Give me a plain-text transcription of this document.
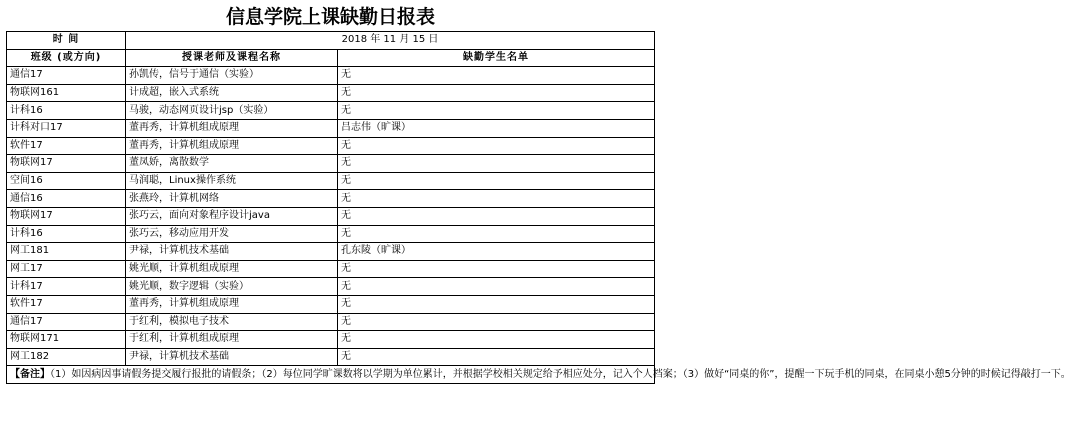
信息学院上课缺勤日报表
时 间	2018 年 11 月 15 日	
班级 (或方向)	授课老师及课程名称	缺勤学生名单
通信17	孙凯传，信号于通信（实验）	无
物联网161	计成超，嵌入式系统	无
计科16	马骏，动态网页设计jsp（实验）	无
计科对口17	董再秀，计算机组成原理	吕志伟（旷课）
软件17	董再秀，计算机组成原理	无
物联网17	董凤娇，离散数学	无
空间16	马润聪，Linux操作系统	无
通信16	张燕玲，计算机网络	无
物联网17	张巧云，面向对象程序设计java	无
计科16	张巧云，移动应用开发	无
网工181	尹禄，计算机技术基础	孔东陵（旷课）
网工17	姚光顺，计算机组成原理	无
计科17	姚光顺，数字逻辑（实验）	无
软件17	董再秀，计算机组成原理	无
通信17	于红利，模拟电子技术	无
物联网171	于红利，计算机组成原理	无
网工182	尹禄，计算机技术基础	无
【备注】（1）如因病因事请假务提交履行报批的请假条；（2）每位同学旷课数将以学期为单位累计，并根据学校相关规定给予相应处分，记入个人档案；（3）做好“同桌的你”，提醒一下玩手机的同桌，在同桌小憩5分钟的时候记得敲打一下。		
